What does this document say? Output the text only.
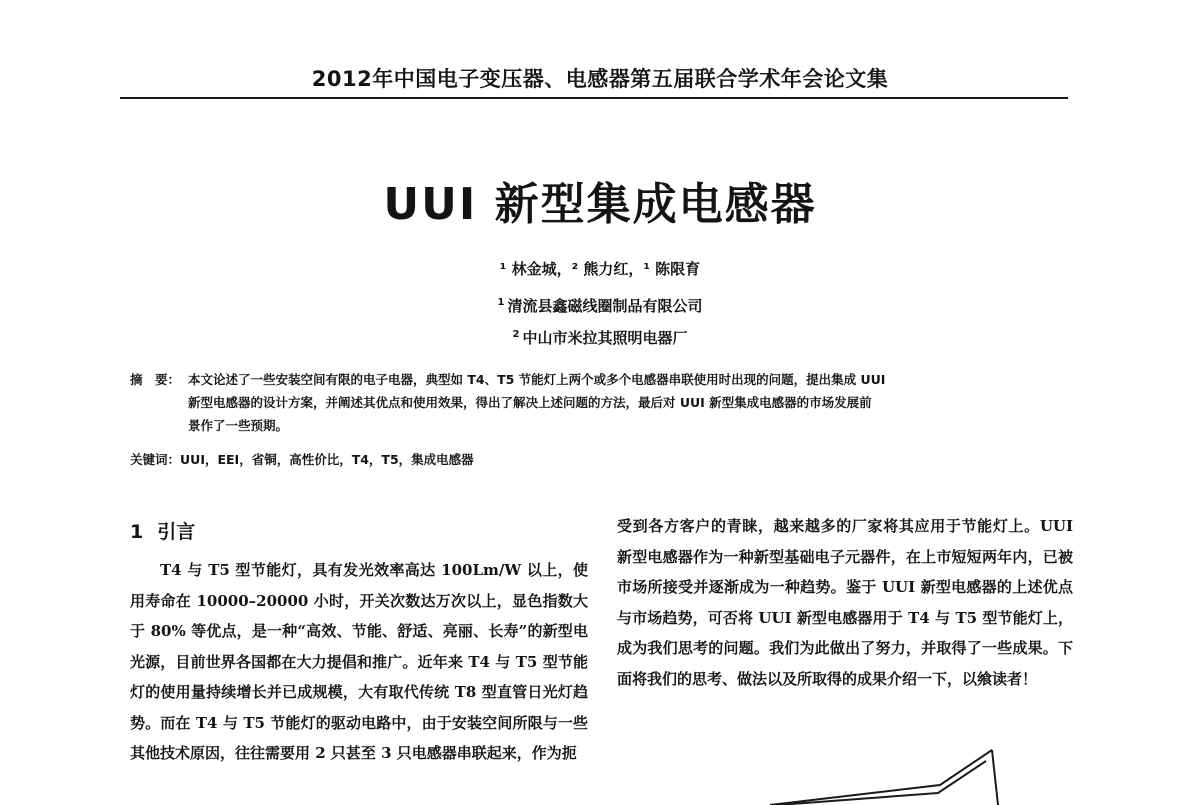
2012年中国电子变压器、电感器第五届联合学术年会论文集
UUI 新型集成电感器
¹ 林金城，² 熊力红，¹ 陈限育
$^1$ 清流县鑫磁线圈制品有限公司
$^2$ 中山市米拉其照明电器厂
摘　要： 本文论述了一些安装空间有限的电子电器，典型如 T4、T5 节能灯上两个或多个电感器串联使用时出现的问题，提出集成 UUI
新型电感器的设计方案，并阐述其优点和使用效果，得出了解决上述问题的方法，最后对 UUI 新型集成电感器的市场发展前
景作了一些预期。
关键词：UUI，EEI，省铜，高性价比，T4，T5，集成电感器
1 引言

T4 与 T5 型节能灯，具有发光效率高达 100Lm/W 以上，使用寿命在 10000–20000 小时，开关次数达万次以上，显色指数大于 80% 等优点，是一种“高效、节能、舒适、亮丽、长寿”的新型电光源，目前世界各国都在大力提倡和推广。近年来 T4 与 T5 型节能灯的使用量持续增长并已成规模，大有取代传统 T8 型直管日光灯趋势。而在 T4 与 T5 节能灯的驱动电路中，由于安装空间所限与一些其他技术原因，往往需要用 2 只甚至 3 只电感器串联起来，作为扼

受到各方客户的青睐，越来越多的厂家将其应用于节能灯上。UUI 新型电感器作为一种新型基础电子元器件，在上市短短两年内，已被市场所接受并逐渐成为一种趋势。鉴于 UUI 新型电感器的上述优点与市场趋势，可否将 UUI 新型电感器用于 T4 与 T5 型节能灯上，成为我们思考的问题。我们为此做出了努力，并取得了一些成果。下面将我们的思考、做法以及所取得的成果介绍一下，以飨读者！
